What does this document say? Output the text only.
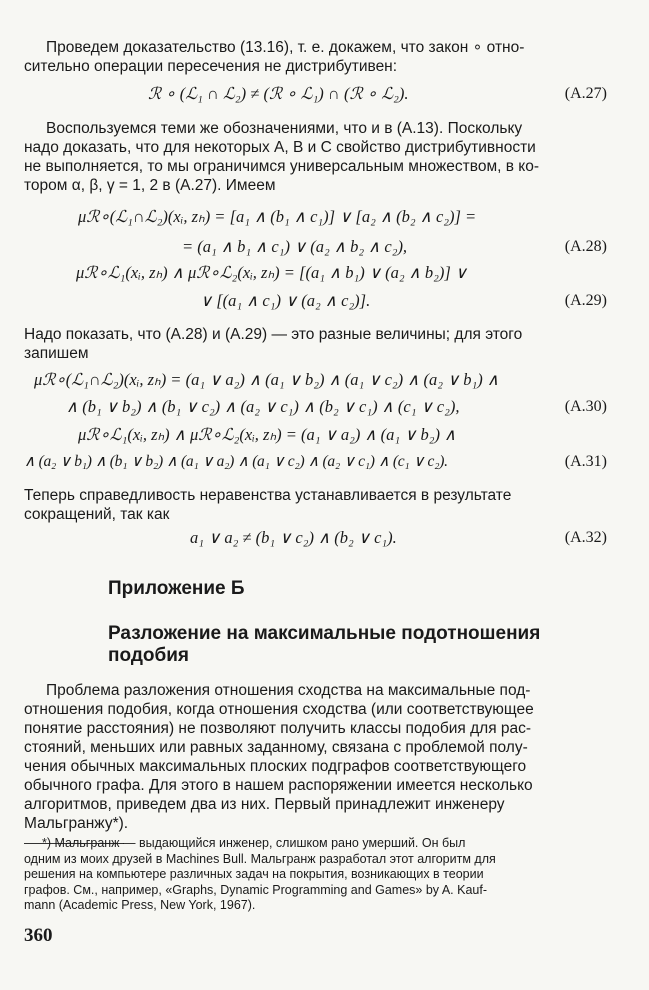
Проведем доказательство (13.16), т. е. докажем, что закон ∘ отно-
сительно операции пересечения не дистрибутивен:
ℛ ∘ (ℒ₁ ∩ ℒ₂) ≠ (ℛ ∘ ℒ₁) ∩ (ℛ ∘ ℒ₂).	(A.27)
Воспользуемся теми же обозначениями, что и в (А.13). Поскольку
надо доказать, что для некоторых A, B и C свойство дистрибутивности
не выполняется, то мы ограничимся универсальным множеством, в ко-
тором α, β, γ = 1, 2 в (А.27). Имеем
μℛ∘(ℒ₁∩ℒ₂)(xᵢ, zₕ) = [a₁ ∧ (b₁ ∧ c₁)] ∨ [a₂ ∧ (b₂ ∧ c₂)] =
= (a₁ ∧ b₁ ∧ c₁) ∨ (a₂ ∧ b₂ ∧ c₂),	(A.28)
μℛ∘ℒ₁(xᵢ, zₕ) ∧ μℛ∘ℒ₂(xᵢ, zₕ) = [(a₁ ∧ b₁) ∨ (a₂ ∧ b₂)] ∨
∨ [(a₁ ∧ c₁) ∨ (a₂ ∧ c₂)].	(A.29)
Надо показать, что (А.28) и (А.29) — это разные величины; для этого
запишем
μℛ∘(ℒ₁∩ℒ₂)(xᵢ, zₕ) = (a₁ ∨ a₂) ∧ (a₁ ∨ b₂) ∧ (a₁ ∨ c₂) ∧ (a₂ ∨ b₁) ∧
∧ (b₁ ∨ b₂) ∧ (b₁ ∨ c₂) ∧ (a₂ ∨ c₁) ∧ (b₂ ∨ c₁) ∧ (c₁ ∨ c₂),	(A.30)
μℛ∘ℒ₁(xᵢ, zₕ) ∧ μℛ∘ℒ₂(xᵢ, zₕ) = (a₁ ∨ a₂) ∧ (a₁ ∨ b₂) ∧
∧ (a₂ ∨ b₁) ∧ (b₁ ∨ b₂) ∧ (a₁ ∨ a₂) ∧ (a₁ ∨ c₂) ∧ (a₂ ∨ c₁) ∧ (c₁ ∨ c₂).	(A.31)
Теперь справедливость неравенства устанавливается в результате
сокращений, так как
a₁ ∨ a₂ ≠ (b₁ ∨ c₂) ∧ (b₂ ∨ c₁).	(A.32)
Приложение Б
Разложение на максимальные подотношения
подобия
Проблема разложения отношения сходства на максимальные под-
отношения подобия, когда отношения сходства (или соответствующее
понятие расстояния) не позволяют получить классы подобия для рас-
стояний, меньших или равных заданному, связана с проблемой полу-
чения обычных максимальных плоских подграфов соответствующего
обычного графа. Для этого в нашем распоряжении имеется несколько
алгоритмов, приведем два из них. Первый принадлежит инженеру
Мальгранжу*).
*) Мальгранж — выдающийся инженер, слишком рано умерший. Он был
одним из моих друзей в Machines Bull. Мальгранж разработал этот алгоритм для
решения на компьютере различных задач на покрытия, возникающих в теории
графов. См., например, «Graphs, Dynamic Programming and Games» by A. Kauf-
mann (Academic Press, New York, 1967).
360
